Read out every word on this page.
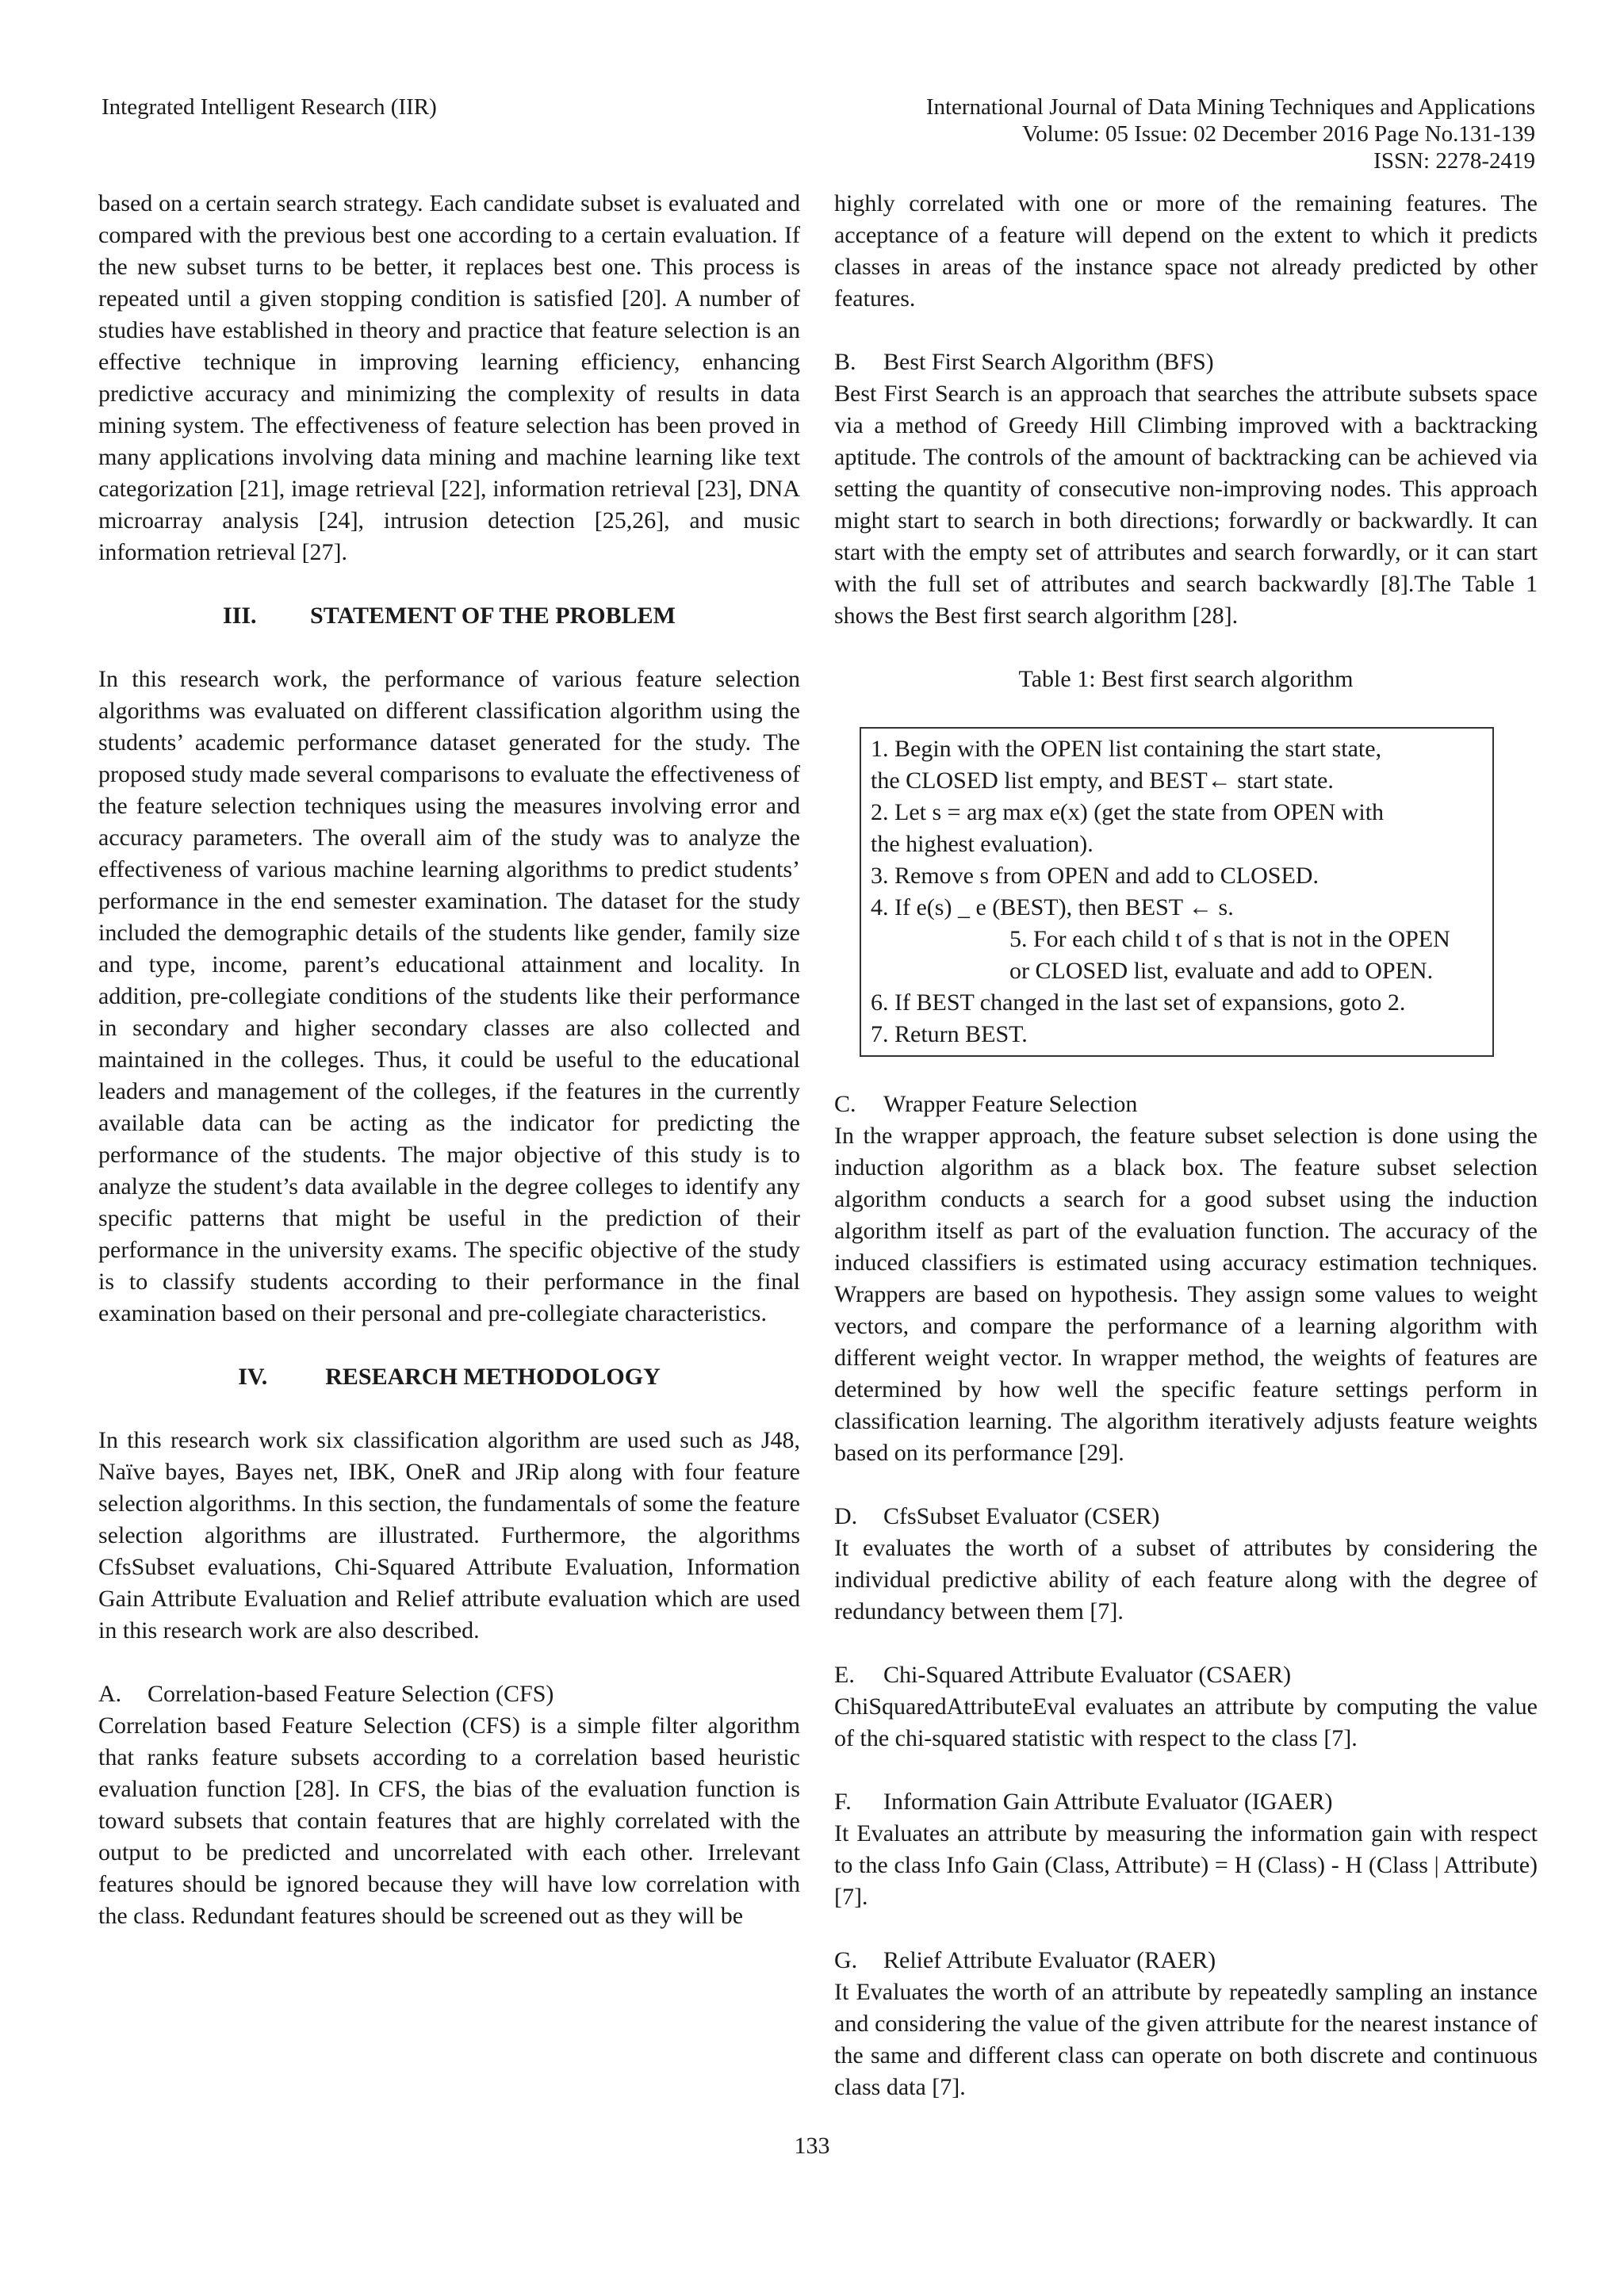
Integrated Intelligent Research (IIR)	International Journal of Data Mining Techniques and Applications
Volume: 05 Issue: 02 December 2016 Page No.131-139
ISSN: 2278-2419

based on a certain search strategy. Each candidate subset is evaluated and compared with the previous best one according to a certain evaluation. If the new subset turns to be better, it replaces best one. This process is repeated until a given stopping condition is satisfied [20]. A number of studies have established in theory and practice that feature selection is an effective technique in improving learning efficiency, enhancing predictive accuracy and minimizing the complexity of results in data mining system. The effectiveness of feature selection has been proved in many applications involving data mining and machine learning like text categorization [21], image retrieval [22], information retrieval [23], DNA microarray analysis [24], intrusion detection [25,26], and music information retrieval [27].

III. STATEMENT OF THE PROBLEM

In this research work, the performance of various feature selection algorithms was evaluated on different classification algorithm using the students’ academic performance dataset generated for the study. The proposed study made several comparisons to evaluate the effectiveness of the feature selection techniques using the measures involving error and accuracy parameters. The overall aim of the study was to analyze the effectiveness of various machine learning algorithms to predict students’ performance in the end semester examination. The dataset for the study included the demographic details of the students like gender, family size and type, income, parent’s educational attainment and locality. In addition, pre-collegiate conditions of the students like their performance in secondary and higher secondary classes are also collected and maintained in the colleges. Thus, it could be useful to the educational leaders and management of the colleges, if the features in the currently available data can be acting as the indicator for predicting the performance of the students. The major objective of this study is to analyze the student’s data available in the degree colleges to identify any specific patterns that might be useful in the prediction of their performance in the university exams. The specific objective of the study is to classify students according to their performance in the final examination based on their personal and pre-collegiate characteristics.

IV. RESEARCH METHODOLOGY

In this research work six classification algorithm are used such as J48, Naïve bayes, Bayes net, IBK, OneR and JRip along with four feature selection algorithms. In this section, the fundamentals of some the feature selection algorithms are illustrated. Furthermore, the algorithms CfsSubset evaluations, Chi-Squared Attribute Evaluation, Information Gain Attribute Evaluation and Relief attribute evaluation which are used in this research work are also described.

A. Correlation-based Feature Selection (CFS)

Correlation based Feature Selection (CFS) is a simple filter algorithm that ranks feature subsets according to a correlation based heuristic evaluation function [28]. In CFS, the bias of the evaluation function is toward subsets that contain features that are highly correlated with the output to be predicted and uncorrelated with each other. Irrelevant features should be ignored because they will have low correlation with the class. Redundant features should be screened out as they will be

highly correlated with one or more of the remaining features. The acceptance of a feature will depend on the extent to which it predicts classes in areas of the instance space not already predicted by other features.

B. Best First Search Algorithm (BFS)

Best First Search is an approach that searches the attribute subsets space via a method of Greedy Hill Climbing improved with a backtracking aptitude. The controls of the amount of backtracking can be achieved via setting the quantity of consecutive non-improving nodes. This approach might start to search in both directions; forwardly or backwardly. It can start with the empty set of attributes and search forwardly, or it can start with the full set of attributes and search backwardly [8].The Table 1 shows the Best first search algorithm [28].

Table 1: Best first search algorithm
1. Begin with the OPEN list containing the start state,
the CLOSED list empty, and BEST← start state.
2. Let s = arg max e(x) (get the state from OPEN with
the highest evaluation).
3. Remove s from OPEN and add to CLOSED.
4. If e(s) _ e (BEST), then BEST ← s.
5. For each child t of s that is not in the OPEN
or CLOSED list, evaluate and add to OPEN.
6. If BEST changed in the last set of expansions, goto 2.
7. Return BEST.
C. Wrapper Feature Selection

In the wrapper approach, the feature subset selection is done using the induction algorithm as a black box. The feature subset selection algorithm conducts a search for a good subset using the induction algorithm itself as part of the evaluation function. The accuracy of the induced classifiers is estimated using accuracy estimation techniques. Wrappers are based on hypothesis. They assign some values to weight vectors, and compare the performance of a learning algorithm with different weight vector. In wrapper method, the weights of features are determined by how well the specific feature settings perform in classification learning. The algorithm iteratively adjusts feature weights based on its performance [29].

D. CfsSubset Evaluator (CSER)

It evaluates the worth of a subset of attributes by considering the individual predictive ability of each feature along with the degree of redundancy between them [7].

E. Chi-Squared Attribute Evaluator (CSAER)

ChiSquaredAttributeEval evaluates an attribute by computing the value of the chi-squared statistic with respect to the class [7].

F. Information Gain Attribute Evaluator (IGAER)

It Evaluates an attribute by measuring the information gain with respect to the class Info Gain (Class, Attribute) = H (Class) - H (Class | Attribute) [7].

G. Relief Attribute Evaluator (RAER)

It Evaluates the worth of an attribute by repeatedly sampling an instance and considering the value of the given attribute for the nearest instance of the same and different class can operate on both discrete and continuous class data [7].

133
